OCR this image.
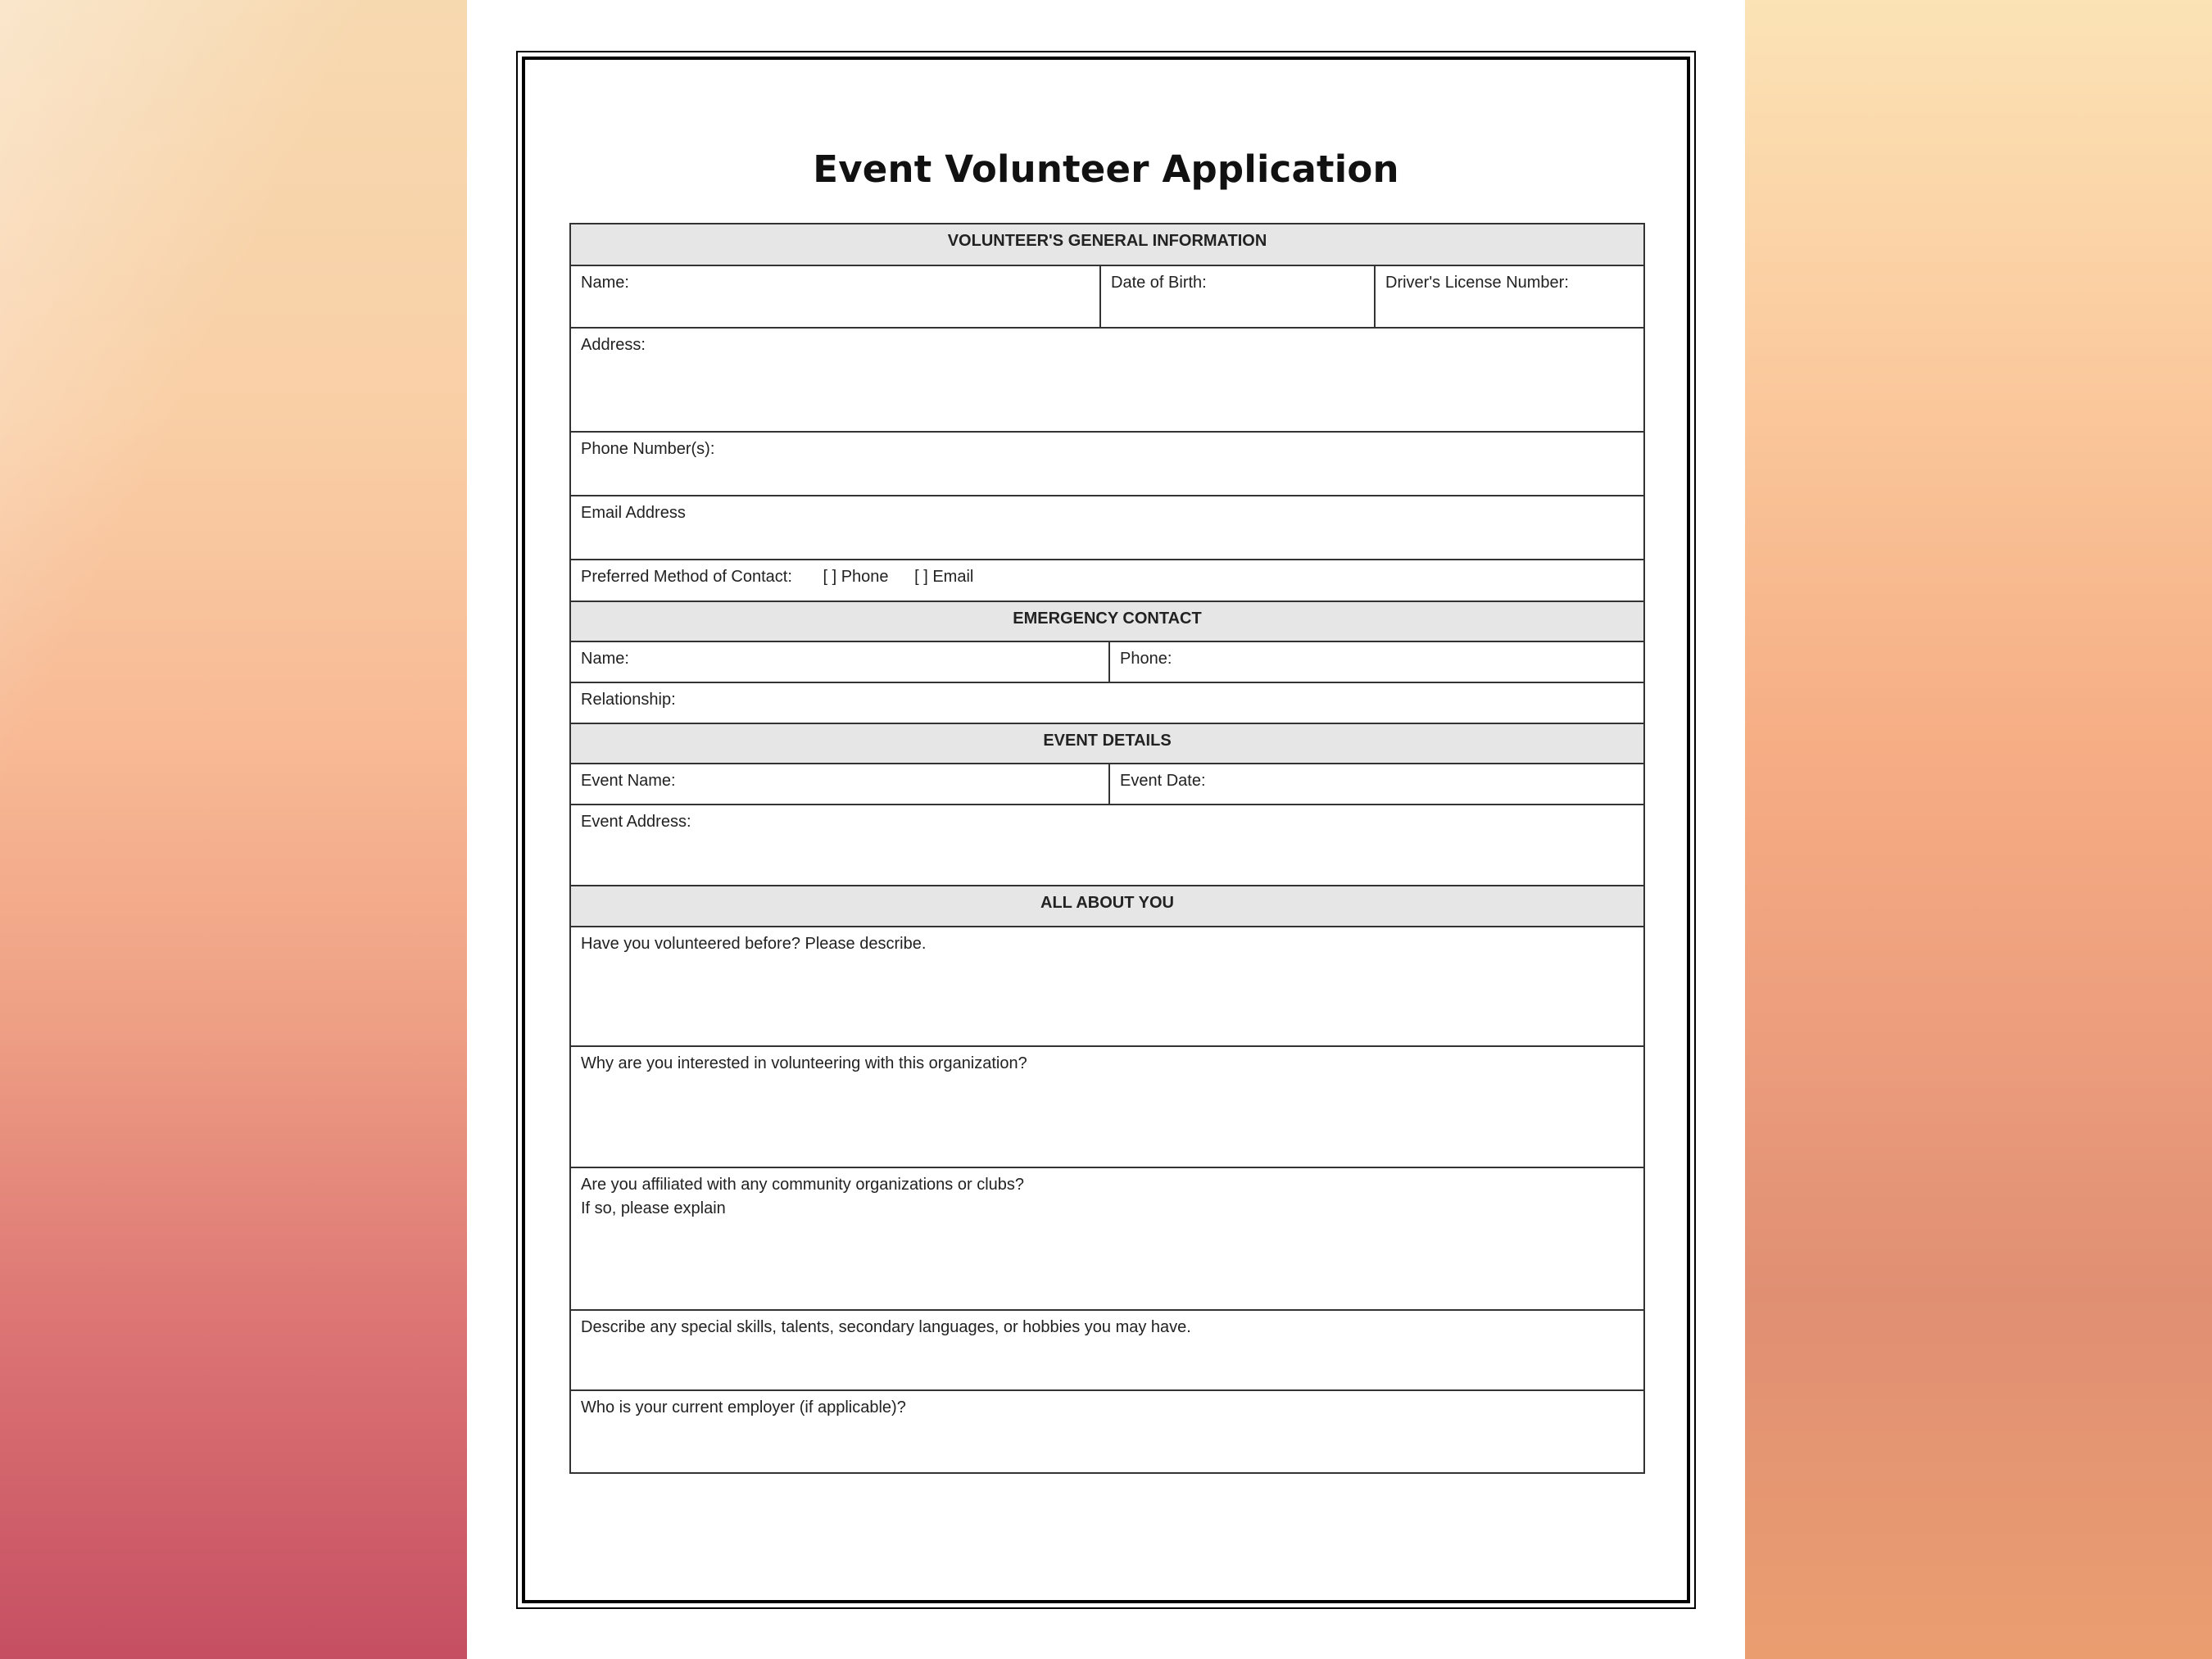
Event Volunteer Application
VOLUNTEER'S GENERAL INFORMATION
Name:	Date of Birth:	Driver's License Number:
Address:
Phone Number(s):
Email Address
Preferred Method of Contact: [ ] Phone [ ] Email
EMERGENCY CONTACT
Name:	Phone:
Relationship:
EVENT DETAILS
Event Name:	Event Date:
Event Address:
ALL ABOUT YOU
Have you volunteered before? Please describe.
Why are you interested in volunteering with this organization?
Are you affiliated with any community organizations or clubs?
If so, please explain
Describe any special skills, talents, secondary languages, or hobbies you may have.
Who is your current employer (if applicable)?
